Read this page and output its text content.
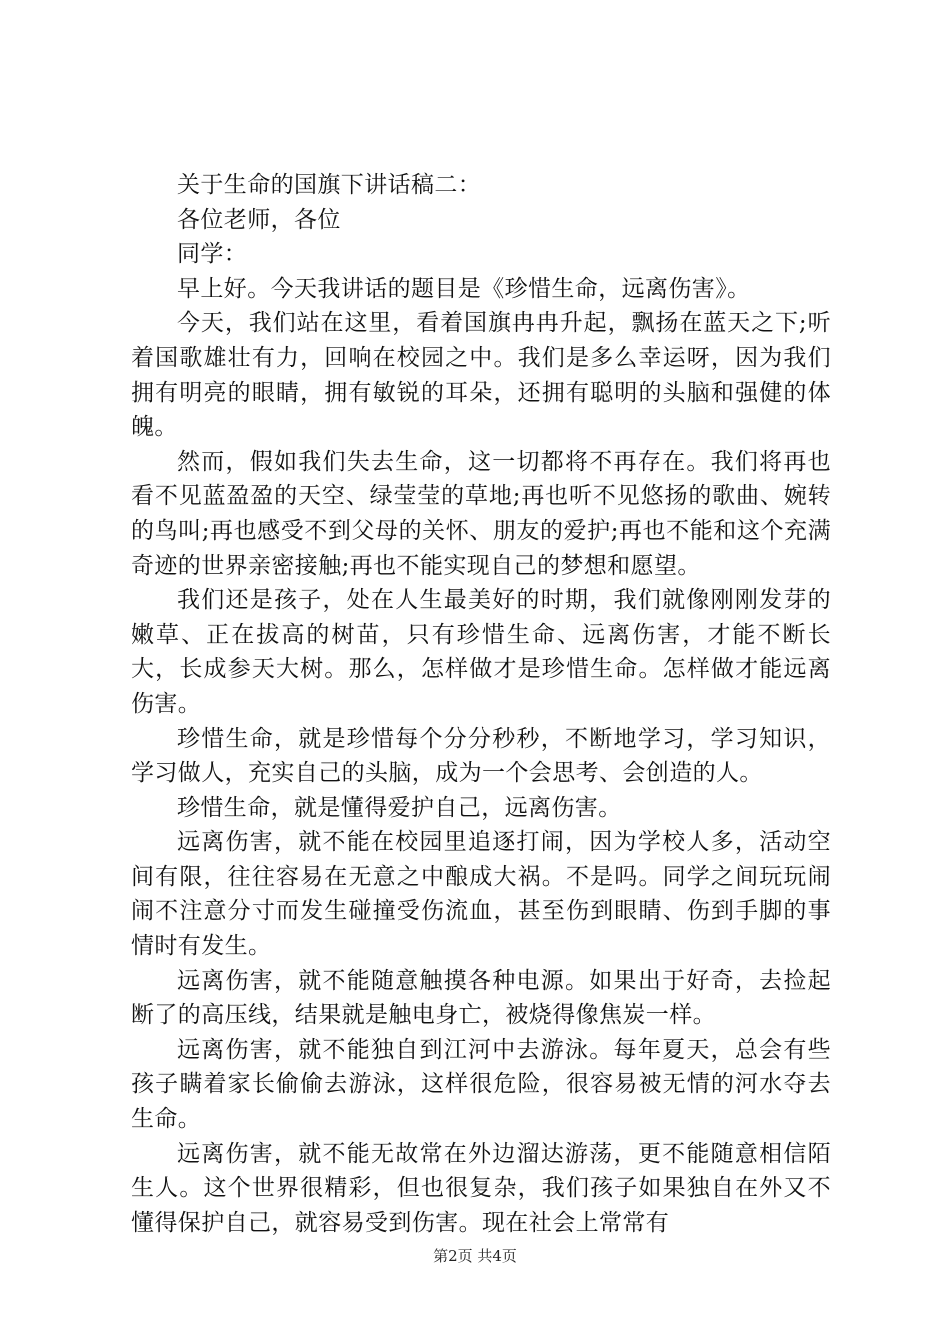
关于生命的国旗下讲话稿二：

各位老师，各位

同学：

早上好。今天我讲话的题目是《珍惜生命，远离伤害》。

今天，我们站在这里，看着国旗冉冉升起，飘扬在蓝天之下;听着国歌雄壮有力，回响在校园之中。我们是多么幸运呀，因为我们拥有明亮的眼睛，拥有敏锐的耳朵，还拥有聪明的头脑和强健的体魄。

然而，假如我们失去生命，这一切都将不再存在。我们将再也看不见蓝盈盈的天空、绿莹莹的草地;再也听不见悠扬的歌曲、婉转的鸟叫;再也感受不到父母的关怀、朋友的爱护;再也不能和这个充满奇迹的世界亲密接触;再也不能实现自己的梦想和愿望。

我们还是孩子，处在人生最美好的时期，我们就像刚刚发芽的嫩草、正在拔高的树苗，只有珍惜生命、远离伤害，才能不断长大，长成参天大树。那么，怎样做才是珍惜生命。怎样做才能远离伤害。

珍惜生命，就是珍惜每个分分秒秒，不断地学习，学习知识，学习做人，充实自己的头脑，成为一个会思考、会创造的人。

珍惜生命，就是懂得爱护自己，远离伤害。

远离伤害，就不能在校园里追逐打闹，因为学校人多，活动空间有限，往往容易在无意之中酿成大祸。不是吗。同学之间玩玩闹闹不注意分寸而发生碰撞受伤流血，甚至伤到眼睛、伤到手脚的事情时有发生。

远离伤害，就不能随意触摸各种电源。如果出于好奇，去捡起断了的高压线，结果就是触电身亡，被烧得像焦炭一样。

远离伤害，就不能独自到江河中去游泳。每年夏天，总会有些孩子瞒着家长偷偷去游泳，这样很危险，很容易被无情的河水夺去生命。

远离伤害，就不能无故常在外边溜达游荡，更不能随意相信陌生人。这个世界很精彩，但也很复杂，我们孩子如果独自在外又不懂得保护自己，就容易受到伤害。现在社会上常常有

第2页 共4页
